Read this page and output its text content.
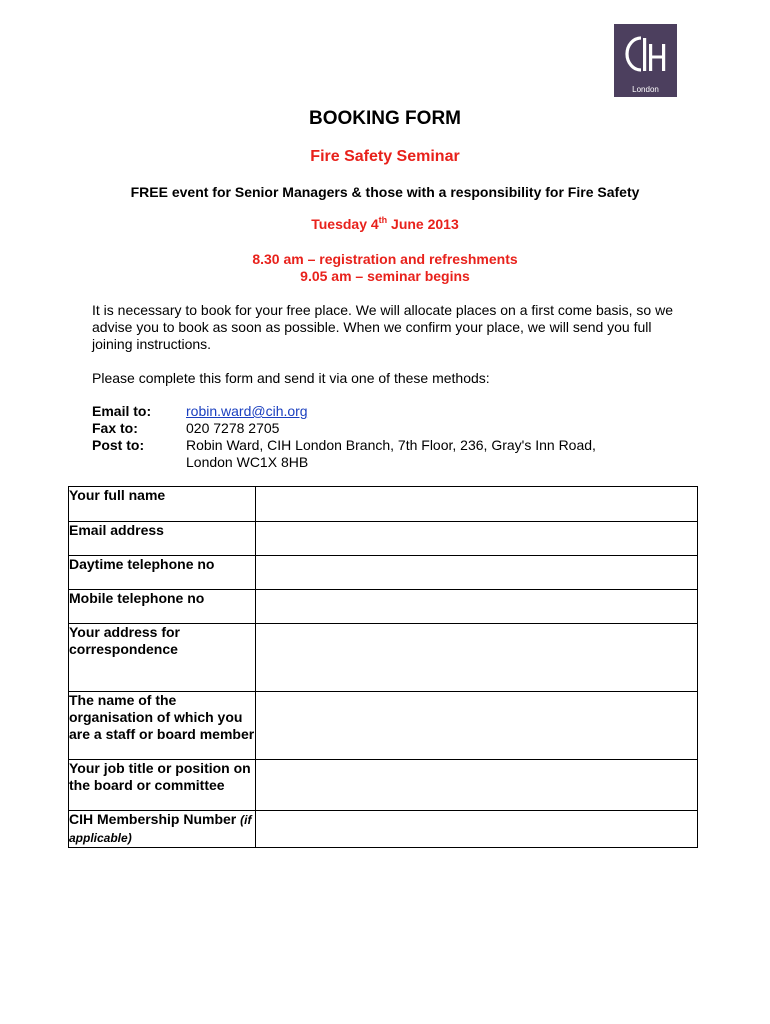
London
BOOKING FORM
Fire Safety Seminar
FREE event for Senior Managers & those with a responsibility for Fire Safety
Tuesday 4th June 2013
8.30 am – registration and refreshments
9.05 am – seminar begins
It is necessary to book for your free place. We will allocate places on a first come basis, so we advise you to book as soon as possible. When we confirm your place, we will send you full joining instructions.
Please complete this form and send it via one of these methods:
Email to: robin.ward@cih.org
Fax to:	020 7278 2705
Post to:	Robin Ward, CIH London Branch, 7th Floor, 236, Gray's Inn Road,
London WC1X 8HB
Your full name	

Email address	

Daytime telephone no	

Mobile telephone no	

Your address for correspondence	

The name of the organisation of which you are a staff or board member	

Your job title or position on the board or committee	

CIH Membership Number (if applicable)	
